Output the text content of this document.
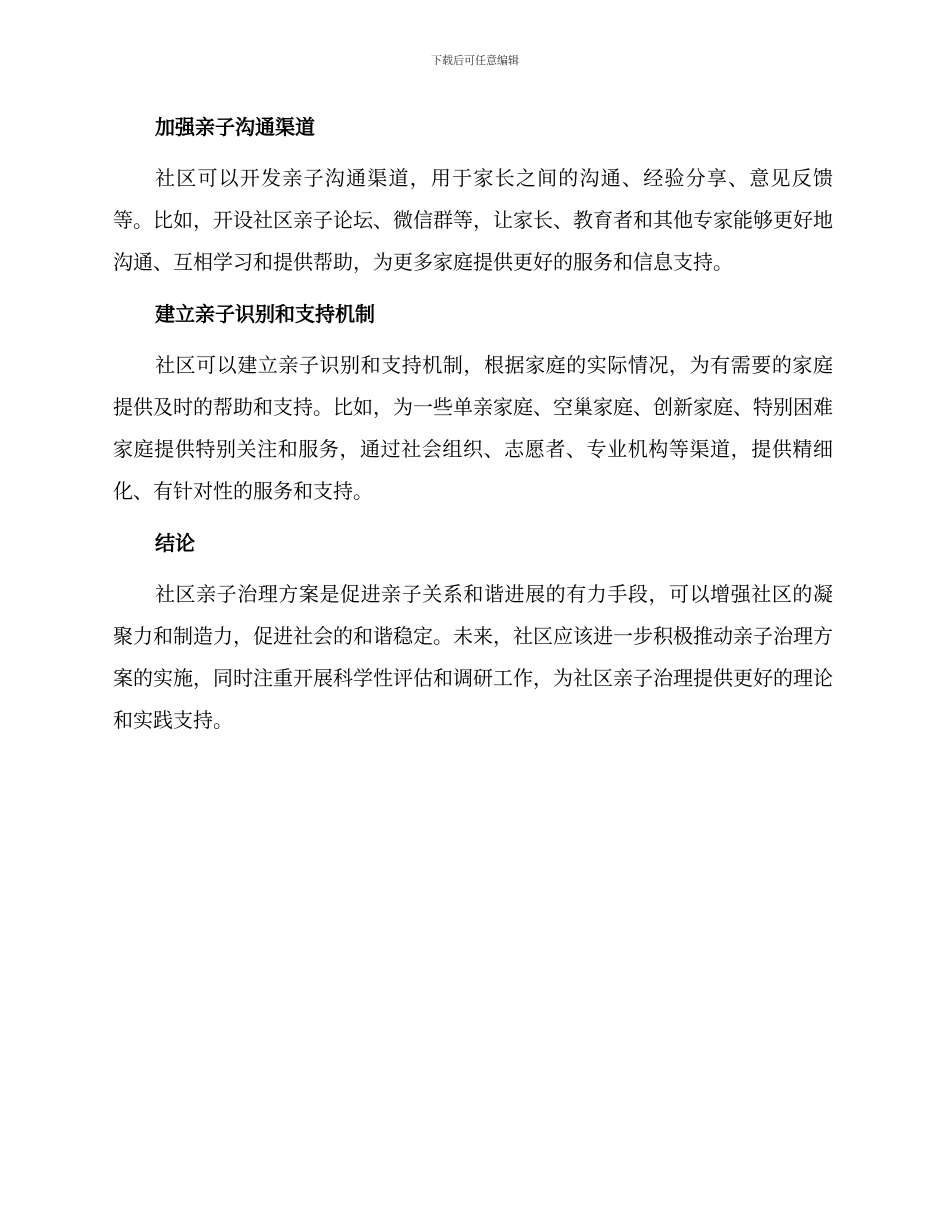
下载后可任意编辑
加强亲子沟通渠道

社区可以开发亲子沟通渠道，用于家长之间的沟通、经验分享、意见反馈等。比如，开设社区亲子论坛、微信群等，让家长、教育者和其他专家能够更好地沟通、互相学习和提供帮助，为更多家庭提供更好的服务和信息支持。

建立亲子识别和支持机制

社区可以建立亲子识别和支持机制，根据家庭的实际情况，为有需要的家庭提供及时的帮助和支持。比如，为一些单亲家庭、空巢家庭、创新家庭、特别困难家庭提供特别关注和服务，通过社会组织、志愿者、专业机构等渠道，提供精细化、有针对性的服务和支持。

结论

社区亲子治理方案是促进亲子关系和谐进展的有力手段，可以增强社区的凝聚力和制造力，促进社会的和谐稳定。未来，社区应该进一步积极推动亲子治理方案的实施，同时注重开展科学性评估和调研工作，为社区亲子治理提供更好的理论和实践支持。
